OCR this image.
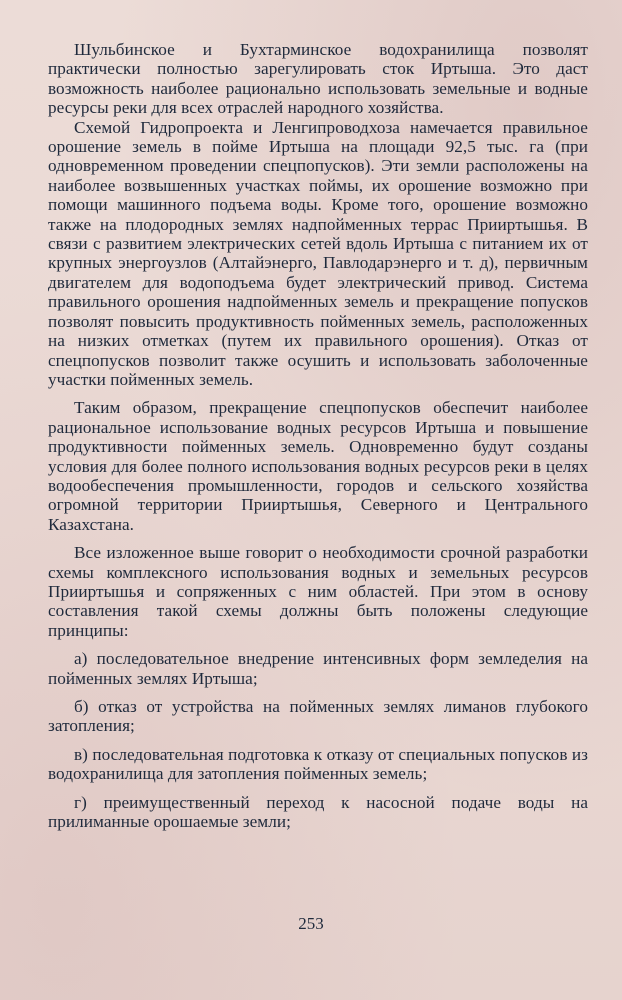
Шульбинское и Бухтарминское водохранилища позволят практически полностью зарегулировать сток Иртыша. Это даст возможность наиболее рационально использовать земельные и водные ресурсы реки для всех отраслей народного хозяйства.

Схемой Гидропроекта и Ленгипроводхоза намечается правильное орошение земель в пойме Иртыша на площади 92,5 тыс. га (при одновременном проведении спецпопусков). Эти земли расположены на наиболее возвышенных участках поймы, их орошение возможно при помощи машинного подъема воды. Кроме того, орошение возможно также на плодородных землях надпойменных террас Прииртышья. В связи с развитием электрических сетей вдоль Иртыша с питанием их от крупных энергоузлов (Алтайэнерго, Павлодарэнерго и т. д), первичным двигателем для водоподъема будет электрический привод. Система правильного орошения надпойменных земель и прекращение попусков позволят повысить продуктивность пойменных земель, расположенных на низких отметках (путем их правильного орошения). Отказ от спецпопусков позволит также осушить и использовать заболоченные участки пойменных земель.

Таким образом, прекращение спецпопусков обеспечит наиболее рациональное использование водных ресурсов Иртыша и повышение продуктивности пойменных земель. Одновременно будут созданы условия для более полного использования водных ресурсов реки в целях водообеспечения промышленности, городов и сельского хозяйства огромной территории Прииртышья, Северного и Центрального Казахстана.

Все изложенное выше говорит о необходимости срочной разработки схемы комплексного использования водных и земельных ресурсов Прииртышья и сопряженных с ним областей. При этом в основу составления такой схемы должны быть положены следующие принципы:

а) последовательное внедрение интенсивных форм земледелия на пойменных землях Иртыша;

б) отказ от устройства на пойменных землях лиманов глубокого затопления;

в) последовательная подготовка к отказу от специальных попусков из водохранилища для затопления пойменных земель;

г) преимущественный переход к насосной подаче воды на прилиманные орошаемые земли;

253
